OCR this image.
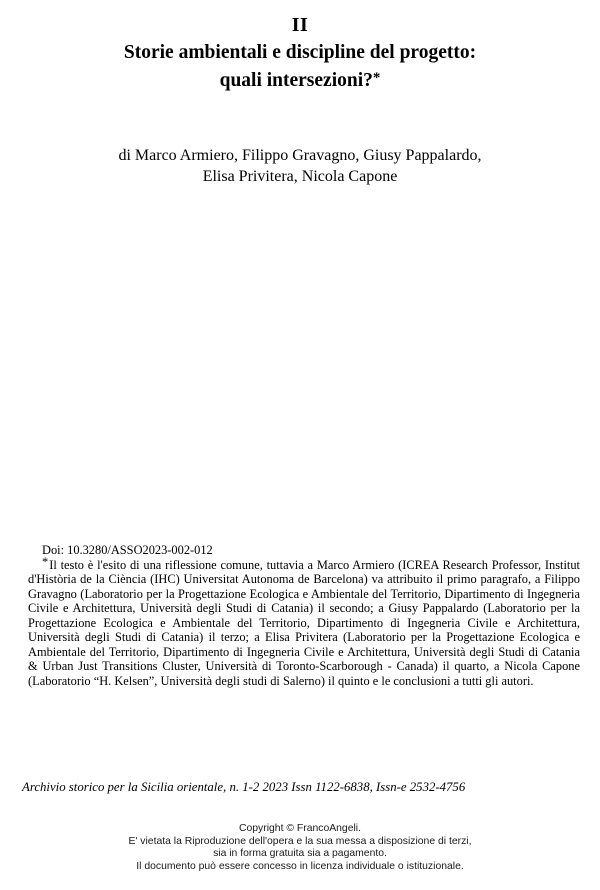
II
Storie ambientali e discipline del progetto:
quali intersezioni?*
di Marco Armiero, Filippo Gravagno, Giusy Pappalardo,
Elisa Privitera, Nicola Capone
Doi: 10.3280/ASSO2023-002-012
*Il testo è l'esito di una riflessione comune, tuttavia a Marco Armiero (ICREA Research Professor, Institut d'Història de la Ciència (IHC) Universitat Autonoma de Barcelona) va attribuito il primo paragrafo, a Filippo Gravagno (Laboratorio per la Progettazione Ecologica e Ambientale del Territorio, Dipartimento di Ingegneria Civile e Architettura, Università degli Studi di Catania) il secondo; a Giusy Pappalardo (Laboratorio per la Progettazione Ecologica e Ambientale del Territorio, Dipartimento di Ingegneria Civile e Architettura, Università degli Studi di Catania) il terzo; a Elisa Privitera (Laboratorio per la Progettazione Ecologica e Ambientale del Territorio, Dipartimento di Ingegneria Civile e Architettura, Università degli Studi di Catania & Urban Just Transitions Cluster, Università di Toronto-Scarborough - Canada) il quarto, a Nicola Capone (Laboratorio “H. Kelsen”, Università degli studi di Salerno) il quinto e le conclusioni a tutti gli autori.
Archivio storico per la Sicilia orientale, n. 1-2 2023 Issn 1122-6838, Issn-e 2532-4756
Copyright © FrancoAngeli.
E' vietata la Riproduzione dell'opera e la sua messa a disposizione di terzi,
sia in forma gratuita sia a pagamento.
Il documento può essere concesso in licenza individuale o istituzionale.
